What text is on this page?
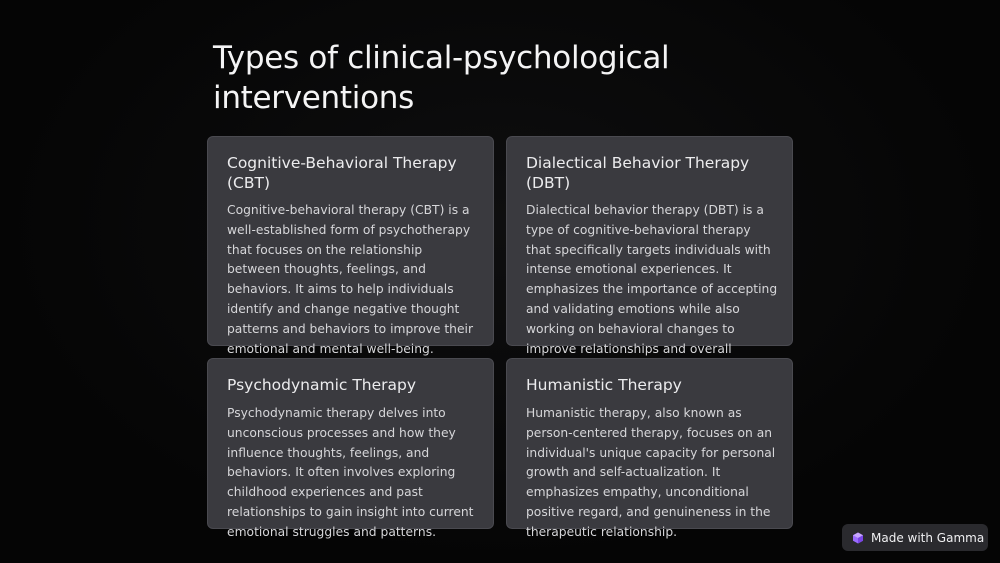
Types of clinical-psychological interventions
Cognitive-Behavioral Therapy (CBT)

Cognitive-behavioral therapy (CBT) is a well-established form of psychotherapy that focuses on the relationship between thoughts, feelings, and behaviors. It aims to help individuals identify and change negative thought patterns and behaviors to improve their emotional and mental well-being.

Dialectical Behavior Therapy (DBT)

Dialectical behavior therapy (DBT) is a type of cognitive-behavioral therapy that specifically targets individuals with intense emotional experiences. It emphasizes the importance of accepting and validating emotions while also working on behavioral changes to improve relationships and overall

Psychodynamic Therapy

Psychodynamic therapy delves into unconscious processes and how they influence thoughts, feelings, and behaviors. It often involves exploring childhood experiences and past relationships to gain insight into current emotional struggles and patterns.

Humanistic Therapy

Humanistic therapy, also known as person-centered therapy, focuses on an individual's unique capacity for personal growth and self-actualization. It emphasizes empathy, unconditional positive regard, and genuineness in the therapeutic relationship.	Made with Gamma
